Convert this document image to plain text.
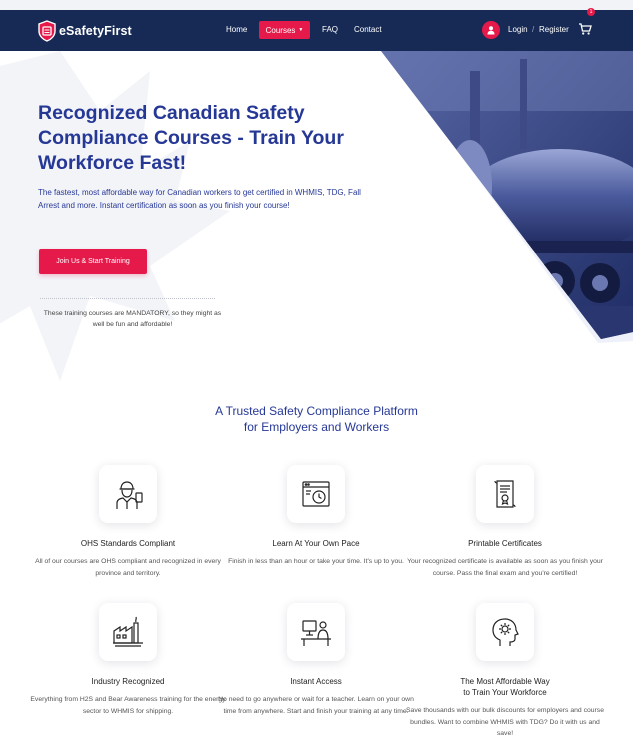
eSafetyFirst	Home Courses ▼ FAQ Contact	Login / Register
1
Recognized Canadian Safety Compliance Courses - Train Your Workforce Fast!
The fastest, most affordable way for Canadian workers to get certified in WHMIS, TDG, Fall Arrest and more. Instant certification as soon as you finish your course!
Join Us & Start Training
These training courses are MANDATORY, so they might as well be fun and affordable!
A Trusted Safety Compliance Platform
for Employers and Workers
OHS Standards Compliant
All of our courses are OHS compliant and recognized in every province and territory.
Learn At Your Own Pace
Finish in less than an hour or take your time. It's up to you.
Printable Certificates
Your recognized certificate is available as soon as you finish your course. Pass the final exam and you're certified!
Industry Recognized
Everything from H2S and Bear Awareness training for the energy sector to WHMIS for shipping.
Instant Access
No need to go anywhere or wait for a teacher. Learn on your own time from anywhere. Start and finish your training at any time.
The Most Affordable Way
to Train Your Workforce
Save thousands with our bulk discounts for employers and course bundles. Want to combine WHMIS with TDG? Do it with us and save!
